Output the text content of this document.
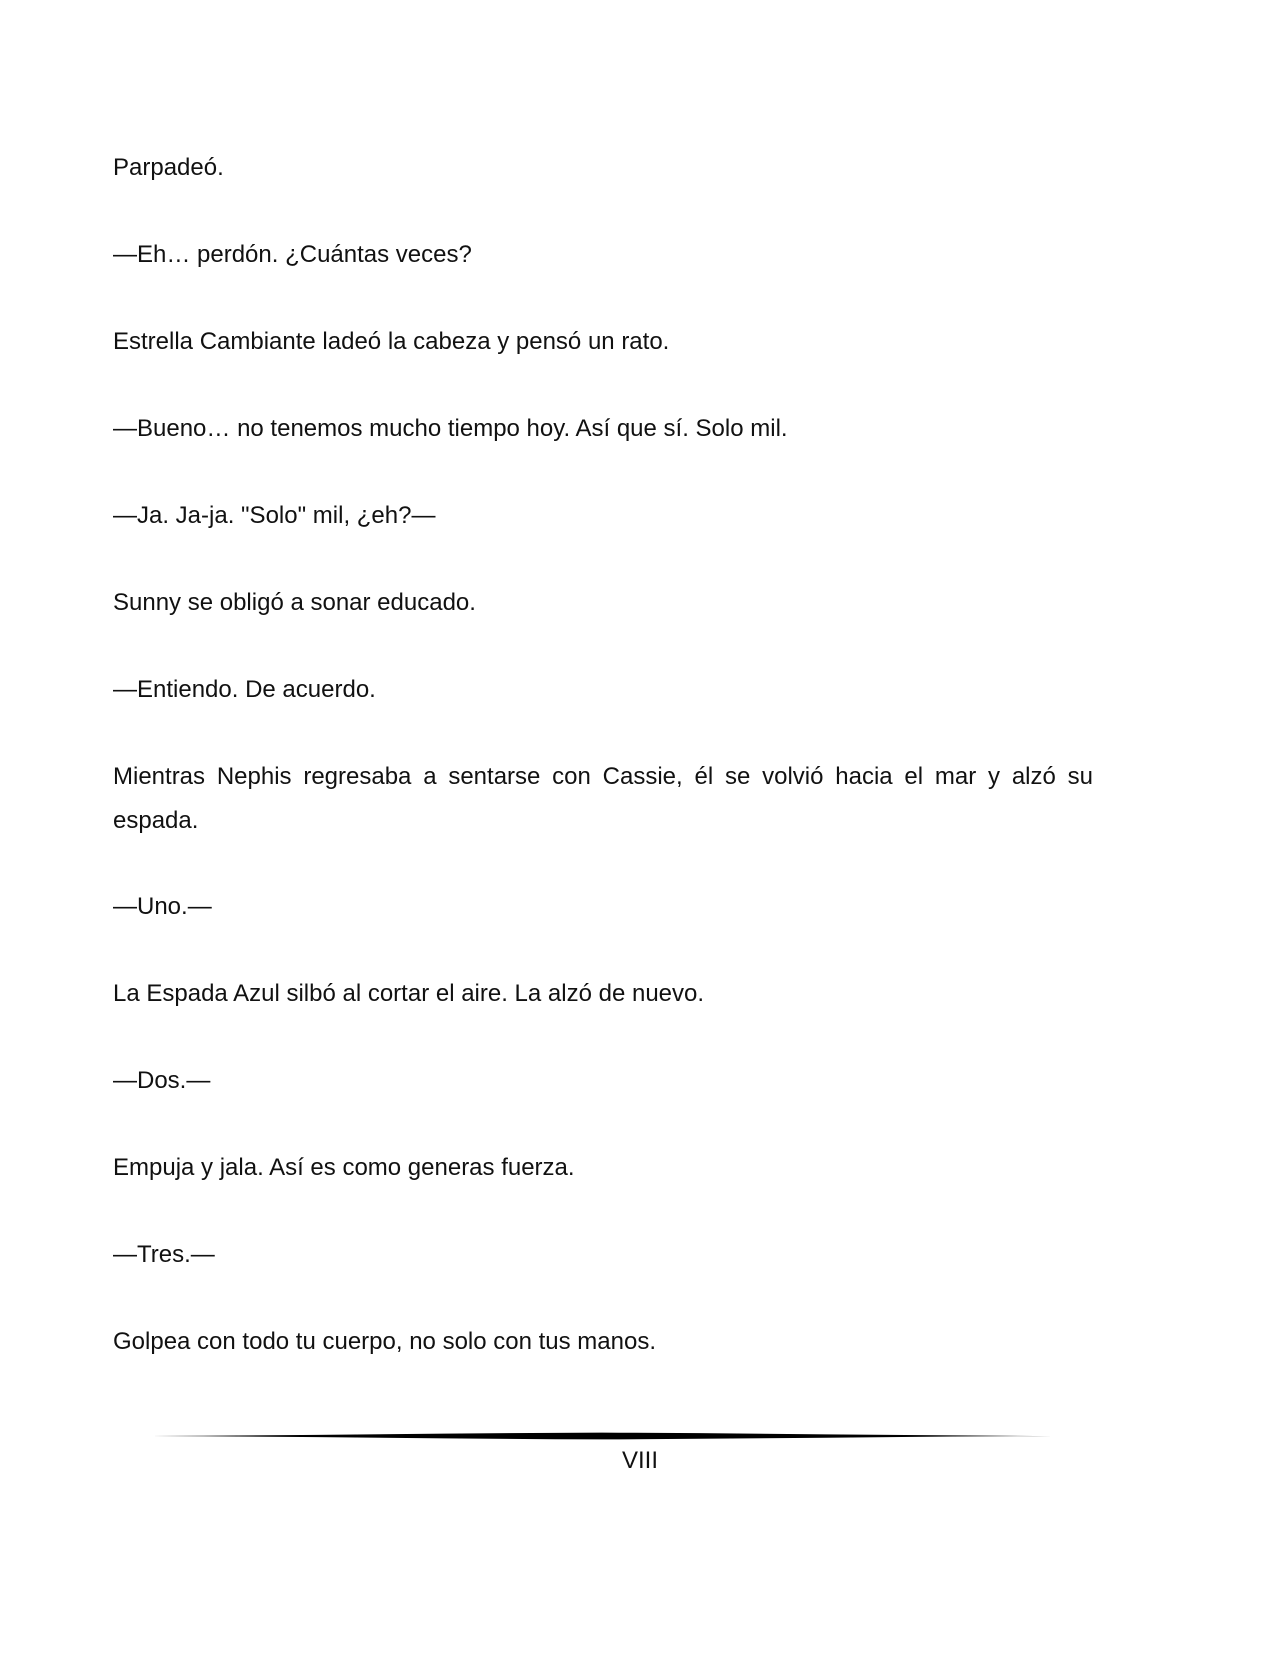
Parpadeó.

—Eh… perdón. ¿Cuántas veces?

Estrella Cambiante ladeó la cabeza y pensó un rato.

—Bueno… no tenemos mucho tiempo hoy. Así que sí. Solo mil.

—Ja. Ja-ja. "Solo" mil, ¿eh?—

Sunny se obligó a sonar educado.

—Entiendo. De acuerdo.

Mientras Nephis regresaba a sentarse con Cassie, él se volvió hacia el mar y alzó su espada.

—Uno.—

La Espada Azul silbó al cortar el aire. La alzó de nuevo.

—Dos.—

Empuja y jala. Así es como generas fuerza.

—Tres.—

Golpea con todo tu cuerpo, no solo con tus manos.

VIII
